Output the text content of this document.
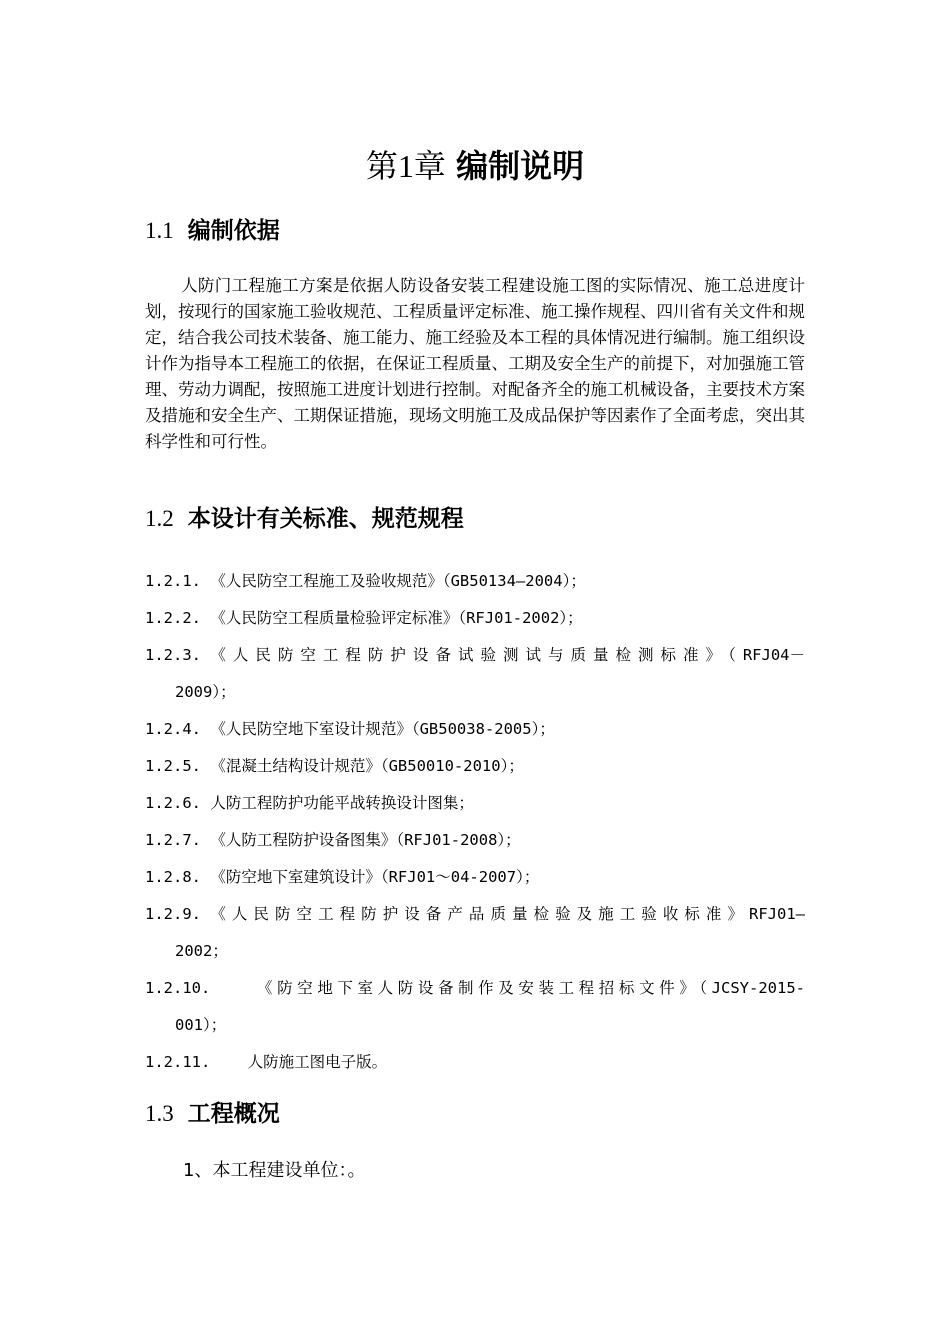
第1章 编制说明
1.1 编制依据
人防门工程施工方案是依据人防设备安装工程建设施工图的实际情况、施工总进度计划，按现行的国家施工验收规范、工程质量评定标准、施工操作规程、四川省有关文件和规定，结合我公司技术装备、施工能力、施工经验及本工程的具体情况进行编制。施工组织设计作为指导本工程施工的依据，在保证工程质量、工期及安全生产的前提下，对加强施工管理、劳动力调配，按照施工进度计划进行控制。对配备齐全的施工机械设备，主要技术方案及措施和安全生产、工期保证措施，现场文明施工及成品保护等因素作了全面考虑，突出其科学性和可行性。
1.2 本设计有关标准、规范规程
1.2.1.
《人民防空工程施工及验收规范》（GB50134—2004）；
1.2.2.
《人民防空工程质量检验评定标准》（RFJ01-2002）；
1.2.3.
《人民防空工程防护设备试验测试与质量检测标准》（RFJ04－
2009）；
1.2.4.
《人民防空地下室设计规范》（GB50038-2005）；
1.2.5.
《混凝土结构设计规范》（GB50010-2010）；
1.2.6.
人防工程防护功能平战转换设计图集；
1.2.7.
《人防工程防护设备图集》（RFJ01-2008）；
1.2.8.
《防空地下室建筑设计》（RFJ01～04-2007）；
1.2.9.
《人民防空工程防护设备产品质量检验及施工验收标准》RFJ01—
2002；
1.2.10.
	《防空地下室人防设备制作及安装工程招标文件》（JCSY-2015-
001）；
1.2.11.
人防施工图电子版。
1.3 工程概况
1、本工程建设单位：。
